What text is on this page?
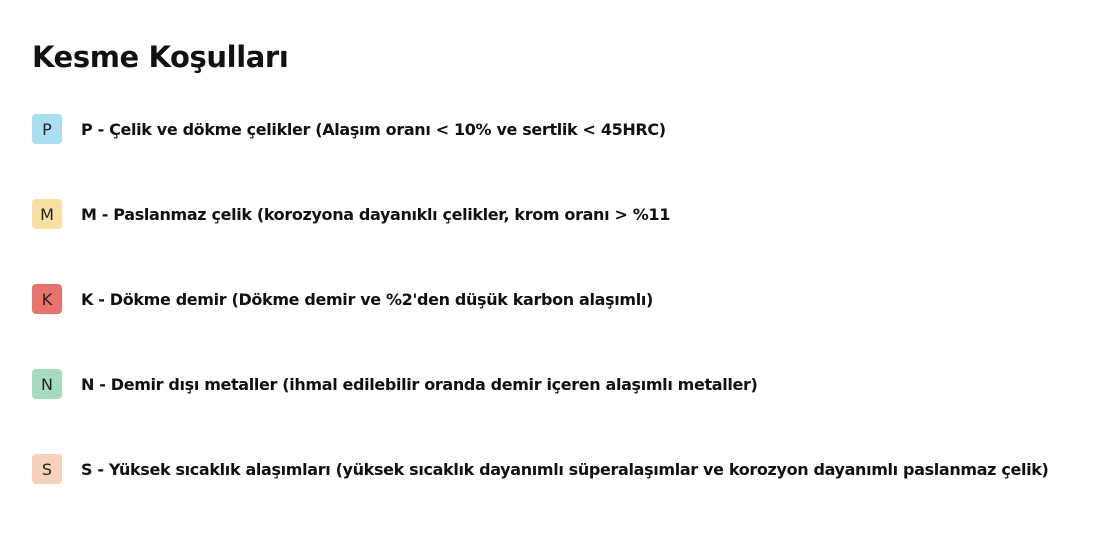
Kesme Koşulları
P	P - Çelik ve dökme çelikler (Alaşım oranı < 10% ve sertlik < 45HRC)
M	M - Paslanmaz çelik (korozyona dayanıklı çelikler, krom oranı > %11
K	K - Dökme demir (Dökme demir ve %2'den düşük karbon alaşımlı)
N	N - Demir dışı metaller (ihmal edilebilir oranda demir içeren alaşımlı metaller)
S	S - Yüksek sıcaklık alaşımları (yüksek sıcaklık dayanımlı süperalaşımlar ve korozyon dayanımlı paslanmaz çelik)
